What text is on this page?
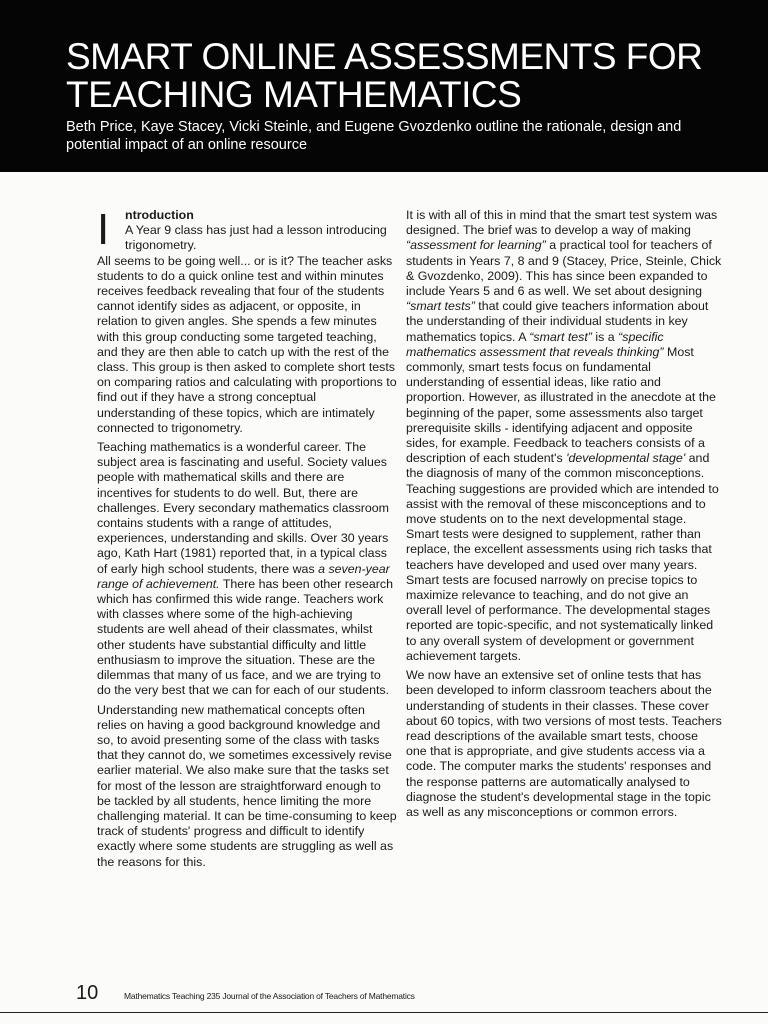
SMART ONLINE ASSESSMENTS FOR
TEACHING MATHEMATICS
Beth Price, Kaye Stacey, Vicki Steinle, and Eugene Gvozdenko outline the rationale, design and potential impact of an online resource
I ntroduction

A Year 9 class has just had a lesson introducing trigonometry.
All seems to be going well... or is it? The teacher asks students to do a quick online test and within minutes receives feedback revealing that four of the students cannot identify sides as adjacent, or opposite, in relation to given angles. She spends a few minutes with this group conducting some targeted teaching, and they are then able to catch up with the rest of the class. This group is then asked to complete short tests on comparing ratios and calculating with proportions to find out if they have a strong conceptual understanding of these topics, which are intimately connected to trigonometry.

Teaching mathematics is a wonderful career. The subject area is fascinating and useful. Society values people with mathematical skills and there are incentives for students to do well. But, there are challenges. Every secondary mathematics classroom contains students with a range of attitudes, experiences, understanding and skills. Over 30 years ago, Kath Hart (1981) reported that, in a typical class of early high school students, there was a seven-year range of achievement. There has been other research which has confirmed this wide range. Teachers work with classes where some of the high-achieving students are well ahead of their classmates, whilst other students have substantial difficulty and little enthusiasm to improve the situation. These are the dilemmas that many of us face, and we are trying to do the very best that we can for each of our students.

Understanding new mathematical concepts often relies on having a good background knowledge and so, to avoid presenting some of the class with tasks that they cannot do, we sometimes excessively revise earlier material. We also make sure that the tasks set for most of the lesson are straightforward enough to be tackled by all students, hence limiting the more challenging material. It can be time-consuming to keep track of students' progress and difficult to identify exactly where some students are struggling as well as the reasons for this.

It is with all of this in mind that the smart test system was designed. The brief was to develop a way of making “assessment for learning” a practical tool for teachers of students in Years 7, 8 and 9 (Stacey, Price, Steinle, Chick & Gvozdenko, 2009). This has since been expanded to include Years 5 and 6 as well. We set about designing “smart tests” that could give teachers information about the understanding of their individual students in key mathematics topics. A “smart test” is a “specific mathematics assessment that reveals thinking” Most commonly, smart tests focus on fundamental understanding of essential ideas, like ratio and proportion. However, as illustrated in the anecdote at the beginning of the paper, some assessments also target prerequisite skills - identifying adjacent and opposite sides, for example. Feedback to teachers consists of a description of each student's 'developmental stage' and the diagnosis of many of the common misconceptions. Teaching suggestions are provided which are intended to assist with the removal of these misconceptions and to move students on to the next developmental stage. Smart tests were designed to supplement, rather than replace, the excellent assessments using rich tasks that teachers have developed and used over many years. Smart tests are focused narrowly on precise topics to maximize relevance to teaching, and do not give an overall level of performance. The developmental stages reported are topic-specific, and not systematically linked to any overall system of development or government achievement targets.

We now have an extensive set of online tests that has been developed to inform classroom teachers about the understanding of students in their classes. These cover about 60 topics, with two versions of most tests. Teachers read descriptions of the available smart tests, choose one that is appropriate, and give students access via a code. The computer marks the students' responses and the response patterns are automatically analysed to diagnose the student's developmental stage in the topic as well as any misconceptions or common errors.

10	Mathematics Teaching 235 Journal of the Association of Teachers of Mathematics
